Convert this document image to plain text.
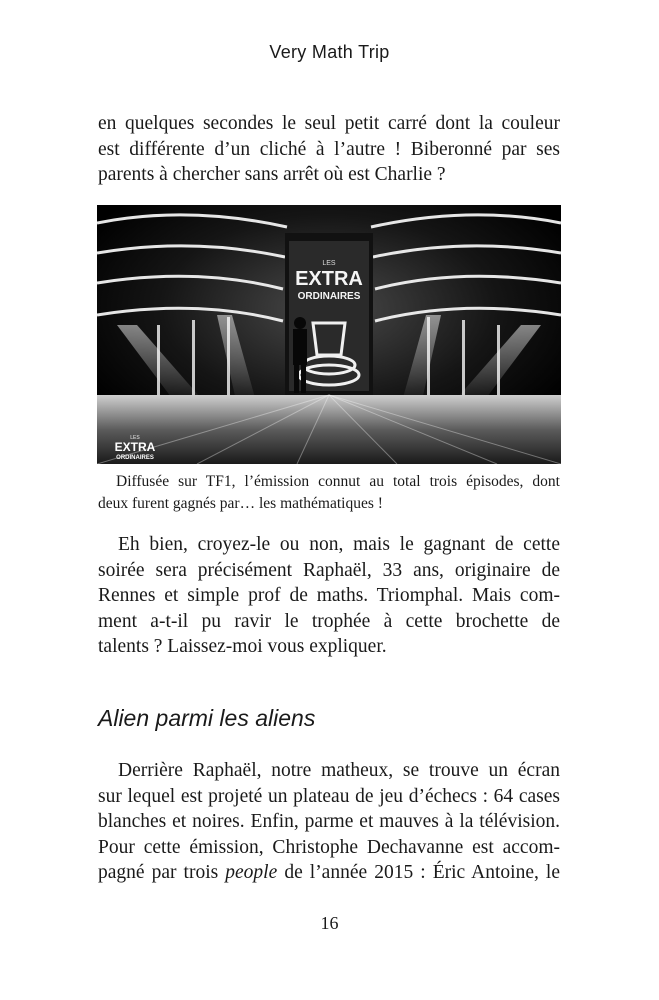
Very Math Trip

en quelques secondes le seul petit carré dont la couleur
est différente d’un cliché à l’autre ! Biberonné par ses
parents à chercher sans arrêt où est Charlie ?

LES
EXTRA
ORDINAIRES
LES
EXTRA
ORDINAIRES

Diffusée sur TF1, l’émission connut au total trois épisodes, dont
deux furent gagnés par… les mathématiques !

Eh bien, croyez-le ou non, mais le gagnant de cette
soirée sera précisément Raphaël, 33 ans, originaire de
Rennes et simple prof de maths. Triomphal. Mais com-
ment a-t-il pu ravir le trophée à cette brochette de
talents ? Laissez-moi vous expliquer.

Alien parmi les aliens

Derrière Raphaël, notre matheux, se trouve un écran
sur lequel est projeté un plateau de jeu d’échecs : 64 cases
blanches et noires. Enfin, parme et mauves à la télévision.
Pour cette émission, Christophe Dechavanne est accom-
pagné par trois people de l’année 2015 : Éric Antoine, le

16
